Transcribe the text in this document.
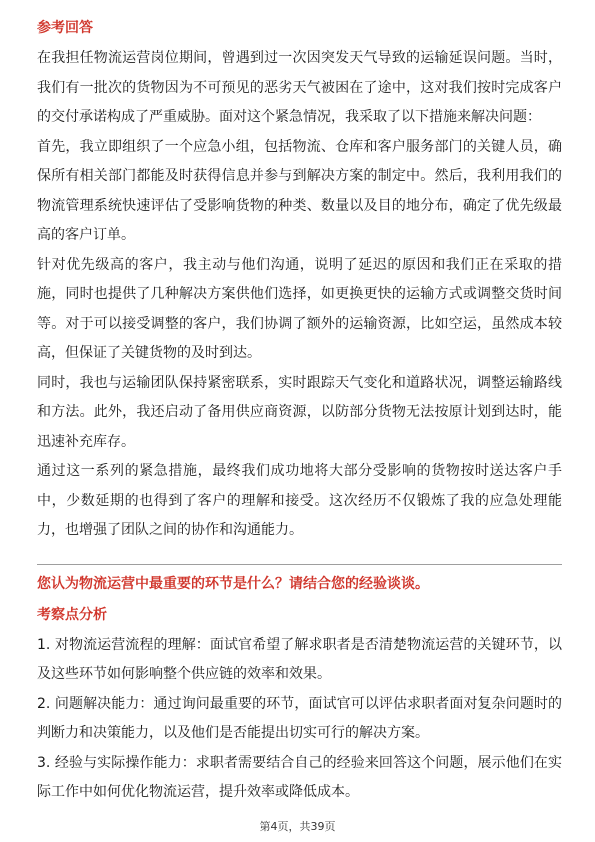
参考回答

在我担任物流运营岗位期间，曾遇到过一次因突发天气导致的运输延误问题。当时，我们有一批次的货物因为不可预见的恶劣天气被困在了途中，这对我们按时完成客户的交付承诺构成了严重威胁。面对这个紧急情况，我采取了以下措施来解决问题：

首先，我立即组织了一个应急小组，包括物流、仓库和客户服务部门的关键人员，确保所有相关部门都能及时获得信息并参与到解决方案的制定中。然后，我利用我们的物流管理系统快速评估了受影响货物的种类、数量以及目的地分布，确定了优先级最高的客户订单。

针对优先级高的客户，我主动与他们沟通，说明了延迟的原因和我们正在采取的措施，同时也提供了几种解决方案供他们选择，如更换更快的运输方式或调整交货时间等。对于可以接受调整的客户，我们协调了额外的运输资源，比如空运，虽然成本较高，但保证了关键货物的及时到达。

同时，我也与运输团队保持紧密联系，实时跟踪天气变化和道路状况，调整运输路线和方法。此外，我还启动了备用供应商资源，以防部分货物无法按原计划到达时，能迅速补充库存。

通过这一系列的紧急措施，最终我们成功地将大部分受影响的货物按时送达客户手中，少数延期的也得到了客户的理解和接受。这次经历不仅锻炼了我的应急处理能力，也增强了团队之间的协作和沟通能力。

您认为物流运营中最重要的环节是什么？请结合您的经验谈谈。
考察点分析

1. 对物流运营流程的理解：面试官希望了解求职者是否清楚物流运营的关键环节，以及这些环节如何影响整个供应链的效率和效果。

2. 问题解决能力：通过询问最重要的环节，面试官可以评估求职者面对复杂问题时的判断力和决策能力，以及他们是否能提出切实可行的解决方案。

3. 经验与实际操作能力：求职者需要结合自己的经验来回答这个问题，展示他们在实际工作中如何优化物流运营，提升效率或降低成本。

第4页，共39页
